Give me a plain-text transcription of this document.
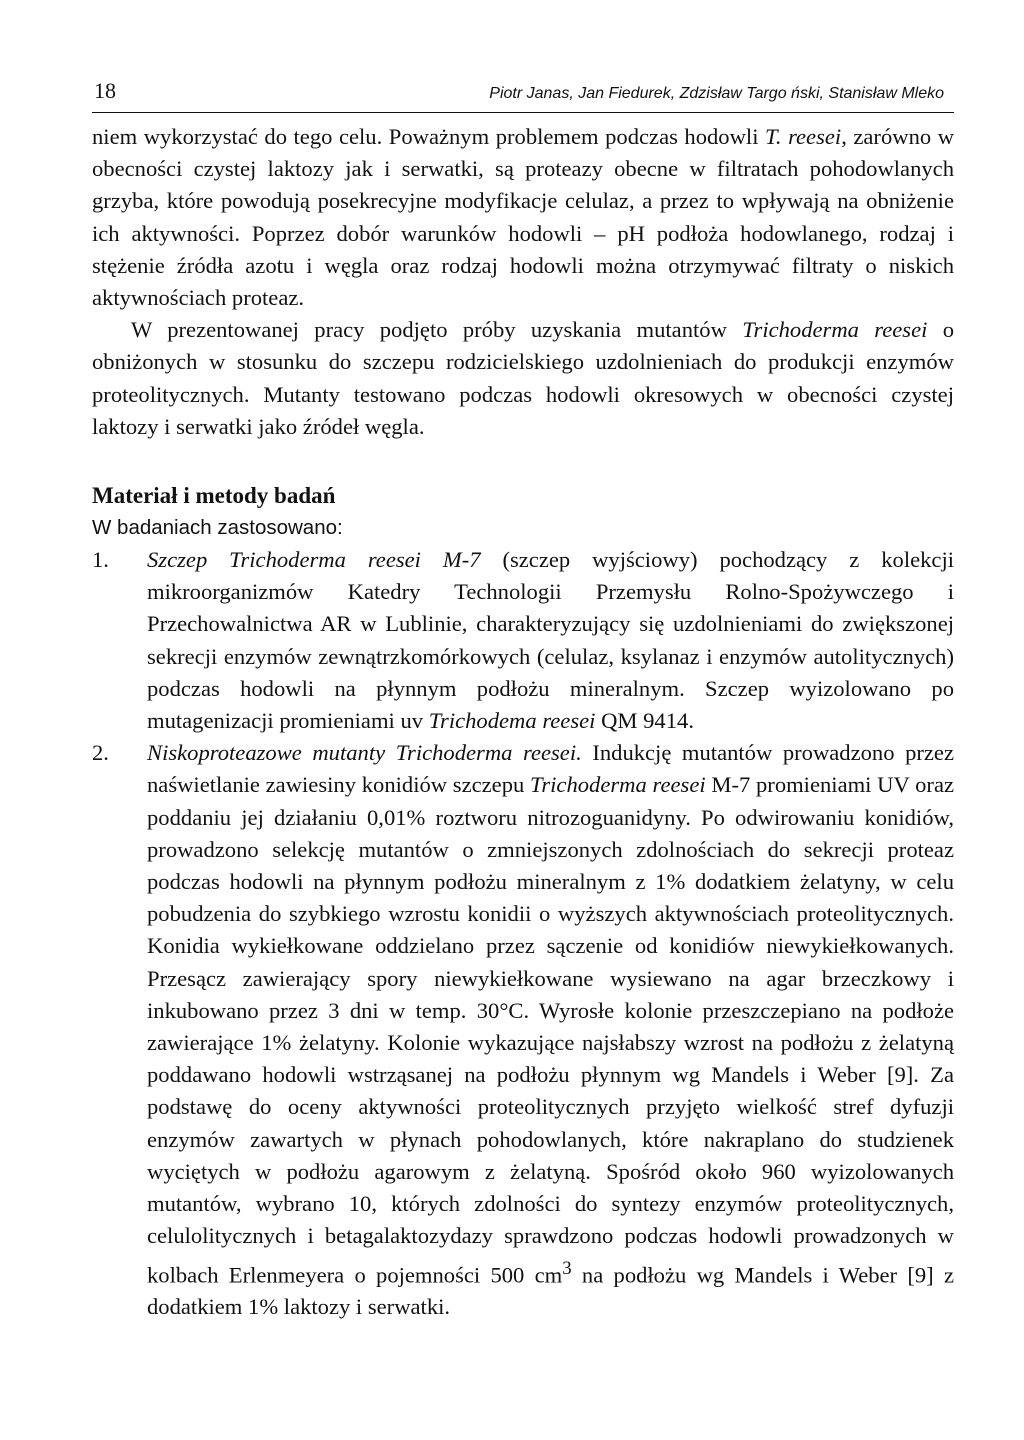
18	Piotr Janas, Jan Fiedurek, Zdzisław Targo ński, Stanisław Mleko

niem wykorzystać do tego celu. Poważnym problemem podczas hodowli T. reesei, zarówno w obecności czystej laktozy jak i serwatki, są proteazy obecne w filtratach pohodowlanych grzyba, które powodują posekrecyjne modyfikacje celulaz, a przez to wpływają na obniżenie ich aktywności. Poprzez dobór warunków hodowli – pH podłoża hodowlanego, rodzaj i stężenie źródła azotu i węgla oraz rodzaj hodowli można otrzymywać filtraty o niskich aktywnościach proteaz.

W prezentowanej pracy podjęto próby uzyskania mutantów Trichoderma reesei o obniżonych w stosunku do szczepu rodzicielskiego uzdolnieniach do produkcji enzymów proteolitycznych. Mutanty testowano podczas hodowli okresowych w obecności czystej laktozy i serwatki jako źródeł węgla.

Materiał i metody badań

W badaniach zastosowano:

1. Szczep Trichoderma reesei M-7 (szczep wyjściowy) pochodzący z kolekcji mikroorganizmów Katedry Technologii Przemysłu Rolno-Spożywczego i Przechowalnictwa AR w Lublinie, charakteryzujący się uzdolnieniami do zwiększonej sekrecji enzymów zewnątrzkomórkowych (celulaz, ksylanaz i enzymów autolitycznych) podczas hodowli na płynnym podłożu mineralnym. Szczep wyizolowano po mutagenizacji promieniami uv Trichodema reesei QM 9414.
2. Niskoproteazowe mutanty Trichoderma reesei. Indukcję mutantów prowadzono przez naświetlanie zawiesiny konidiów szczepu Trichoderma reesei M-7 promieniami UV oraz poddaniu jej działaniu 0,01% roztworu nitrozoguanidyny. Po odwirowaniu konidiów, prowadzono selekcję mutantów o zmniejszonych zdolnościach do sekrecji proteaz podczas hodowli na płynnym podłożu mineralnym z 1% dodatkiem żelatyny, w celu pobudzenia do szybkiego wzrostu konidii o wyższych aktywnościach proteolitycznych. Konidia wykiełkowane oddzielano przez sączenie od konidiów niewykiełkowanych. Przesącz zawierający spory niewykiełkowane wysiewano na agar brzeczkowy i inkubowano przez 3 dni w temp. 30°C. Wyrosłe kolonie przeszczepiano na podłoże zawierające 1% żelatyny. Kolonie wykazujące najsłabszy wzrost na podłożu z żelatyną poddawano hodowli wstrząsanej na podłożu płynnym wg Mandels i Weber [9]. Za podstawę do oceny aktywności proteolitycznych przyjęto wielkość stref dyfuzji enzymów zawartych w płynach pohodowlanych, które nakraplano do studzienek wyciętych w podłożu agarowym z żelatyną. Spośród około 960 wyizolowanych mutantów, wybrano 10, których zdolności do syntezy enzymów proteolitycznych, celulolitycznych i betagalaktozydazy sprawdzono podczas hodowli prowadzonych w kolbach Erlenmeyera o pojemności 500 $cm^3$ na podłożu wg Mandels i Weber [9] z dodatkiem 1% laktozy i serwatki.
